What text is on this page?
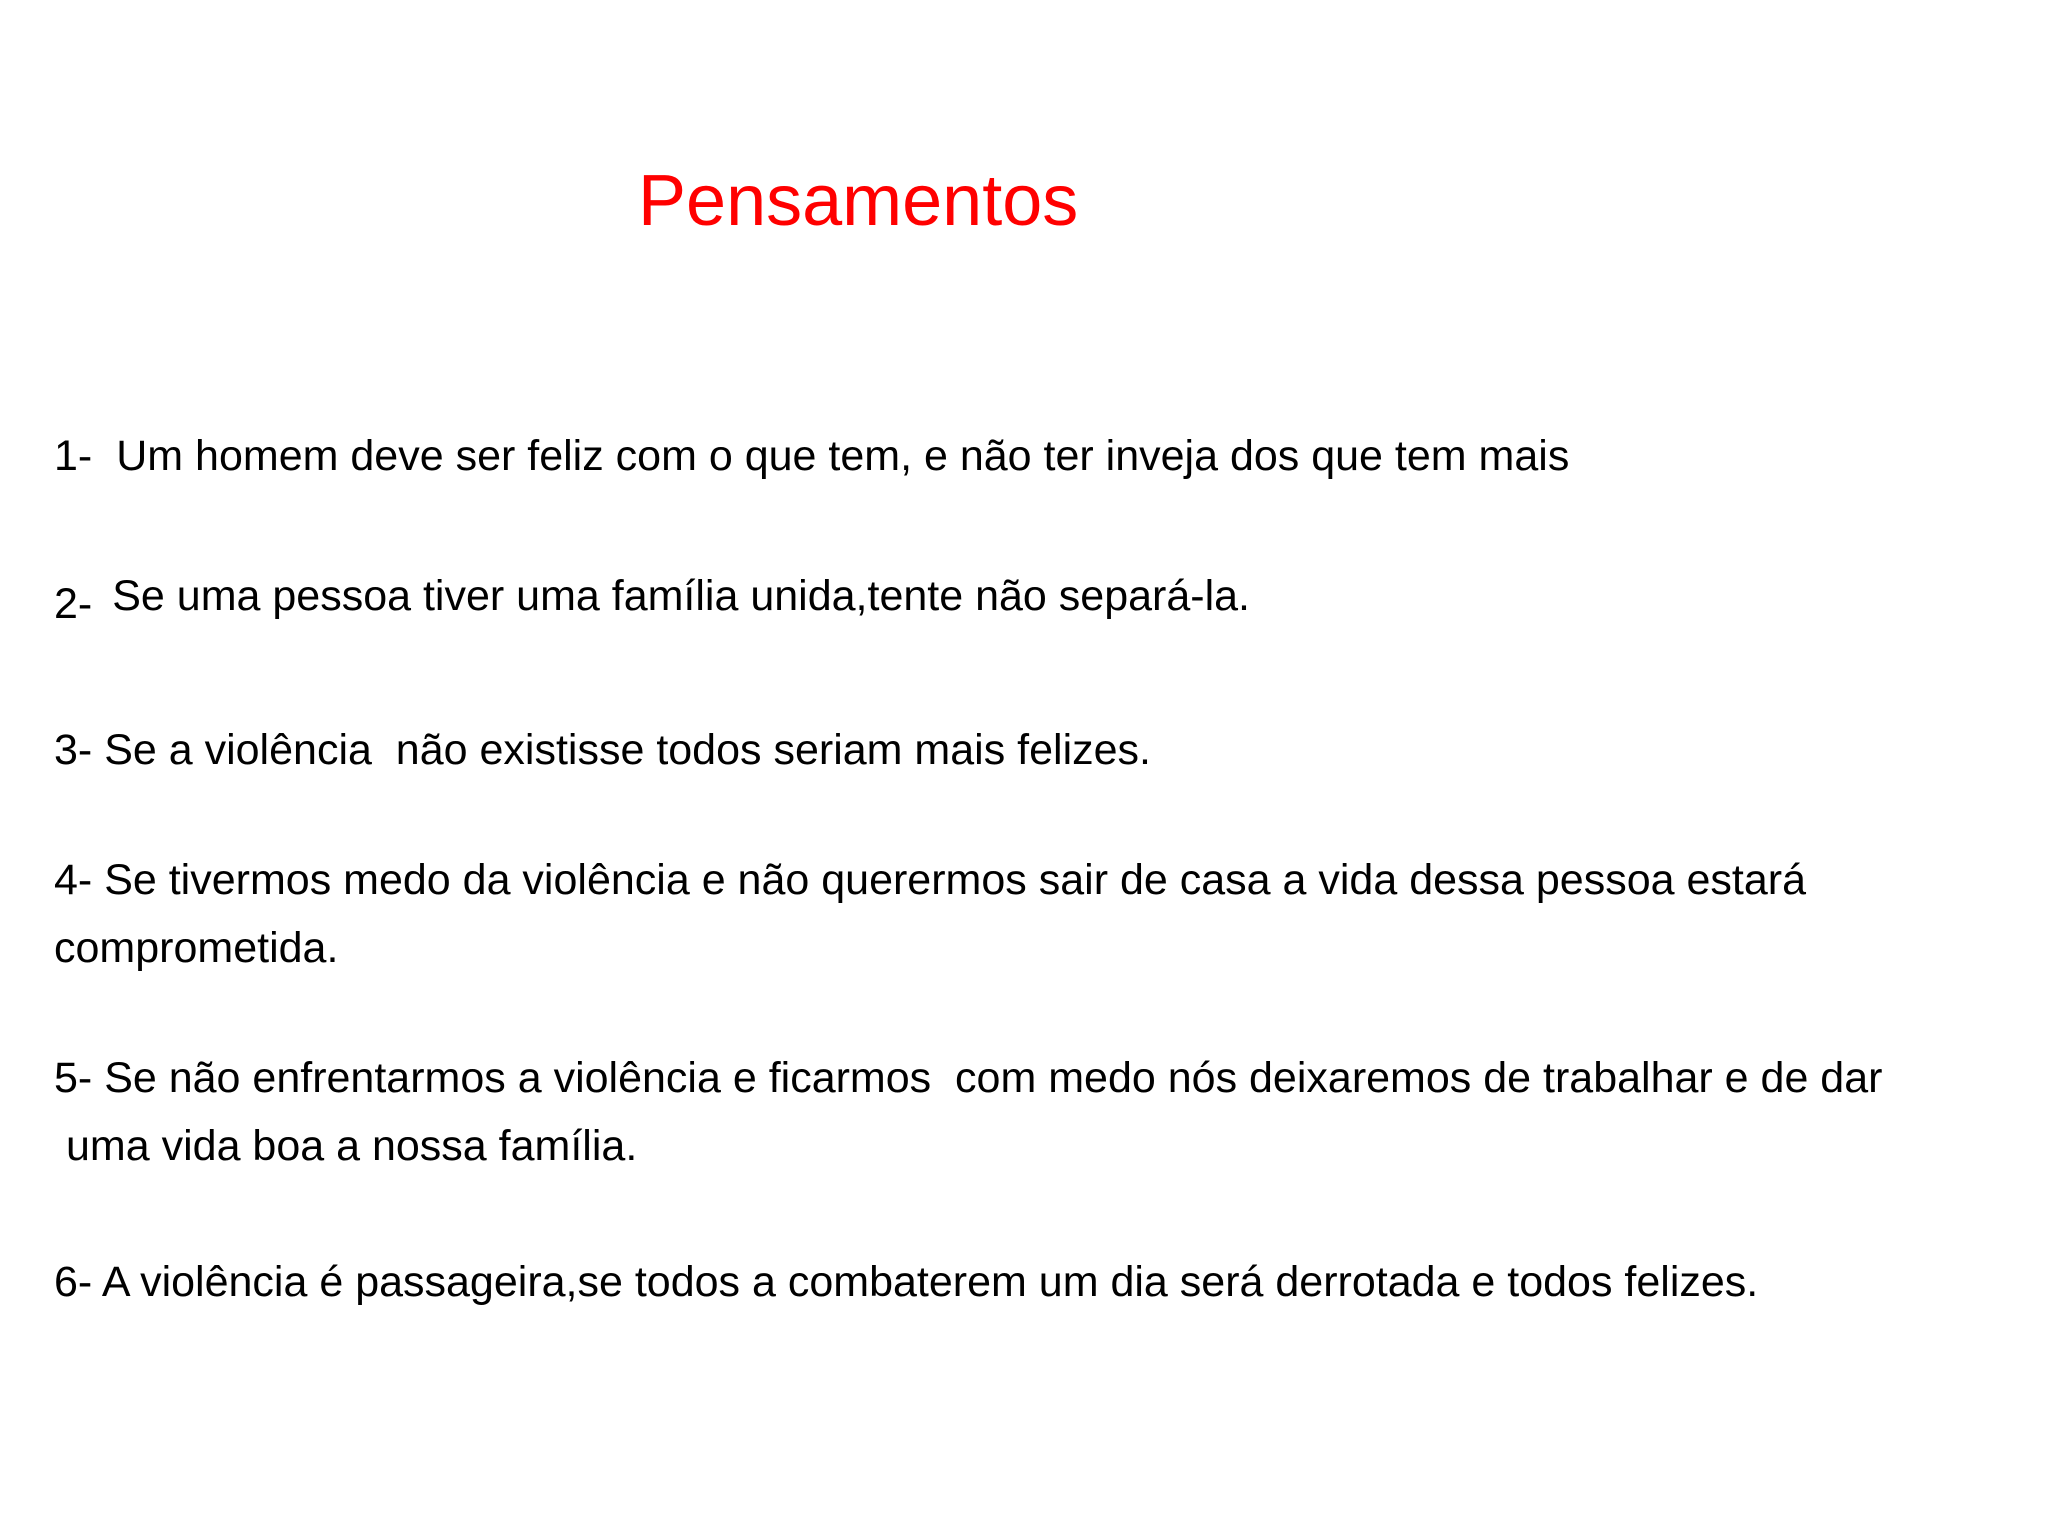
Pensamentos
1- Um homem deve ser feliz com o que tem, e não ter inveja dos que tem mais
2- Se uma pessoa tiver uma família unida,tente não separá-la.
3- Se a violência  não existisse todos seriam mais felizes.
4- Se tivermos medo da violência e não querermos sair de casa a vida dessa pessoa estará
comprometida.
5- Se não enfrentarmos a violência e ficarmos  com medo nós deixaremos de trabalhar e de dar
uma vida boa a nossa família.
6- A violência é passageira,se todos a combaterem um dia será derrotada e todos felizes.
